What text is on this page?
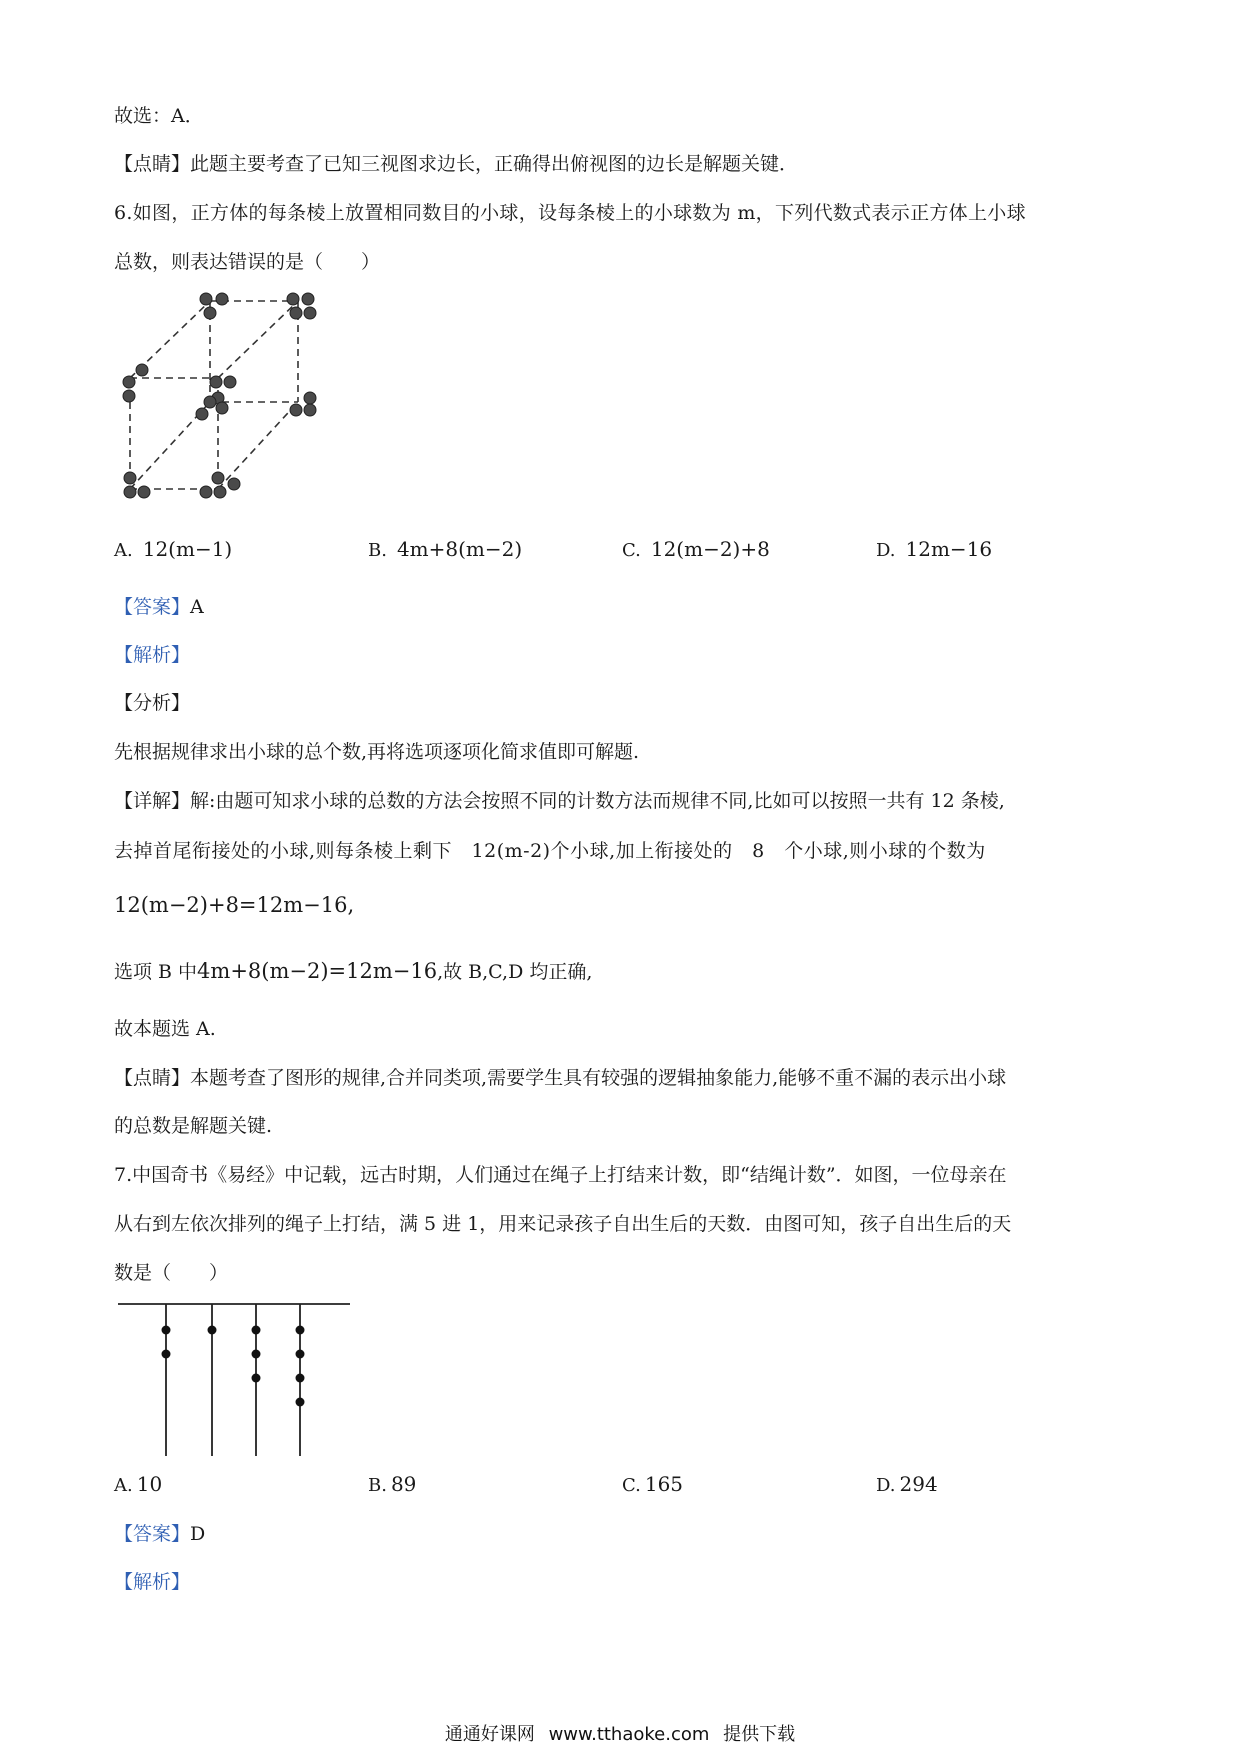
故选：A．
【点睛】此题主要考查了已知三视图求边长，正确得出俯视图的边长是解题关键．
6.如图，正方体的每条棱上放置相同数目的小球，设每条棱上的小球数为 m，下列代数式表示正方体上小球
总数，则表达错误的是（　　）
A. 12(m−1)	B. 4m+8(m−2)	C. 12(m−2)+8	D. 12m−16
【答案】A
【解析】
【分析】
先根据规律求出小球的总个数,再将选项逐项化简求值即可解题.
【详解】解:由题可知求小球的总数的方法会按照不同的计数方法而规律不同,比如可以按照一共有 12 条棱,
去掉首尾衔接处的小球,则每条棱上剩下　12(m-2)个小球,加上衔接处的　8　个小球,则小球的个数为
12(m−2)+8=12m−16,
选项 B 中4m+8(m−2)=12m−16,故 B,C,D 均正确,
故本题选 A.
【点睛】本题考查了图形的规律,合并同类项,需要学生具有较强的逻辑抽象能力,能够不重不漏的表示出小球
的总数是解题关键.
7.中国奇书《易经》中记载，远古时期，人们通过在绳子上打结来计数，即“结绳计数”．如图，一位母亲在
从右到左依次排列的绳子上打结，满 5 进 1，用来记录孩子自出生后的天数．由图可知，孩子自出生后的天
数是（　　）
A. 10	B. 89	C. 165	D. 294
【答案】D
【解析】
通通好课网 www.tthaoke.com 提供下载
